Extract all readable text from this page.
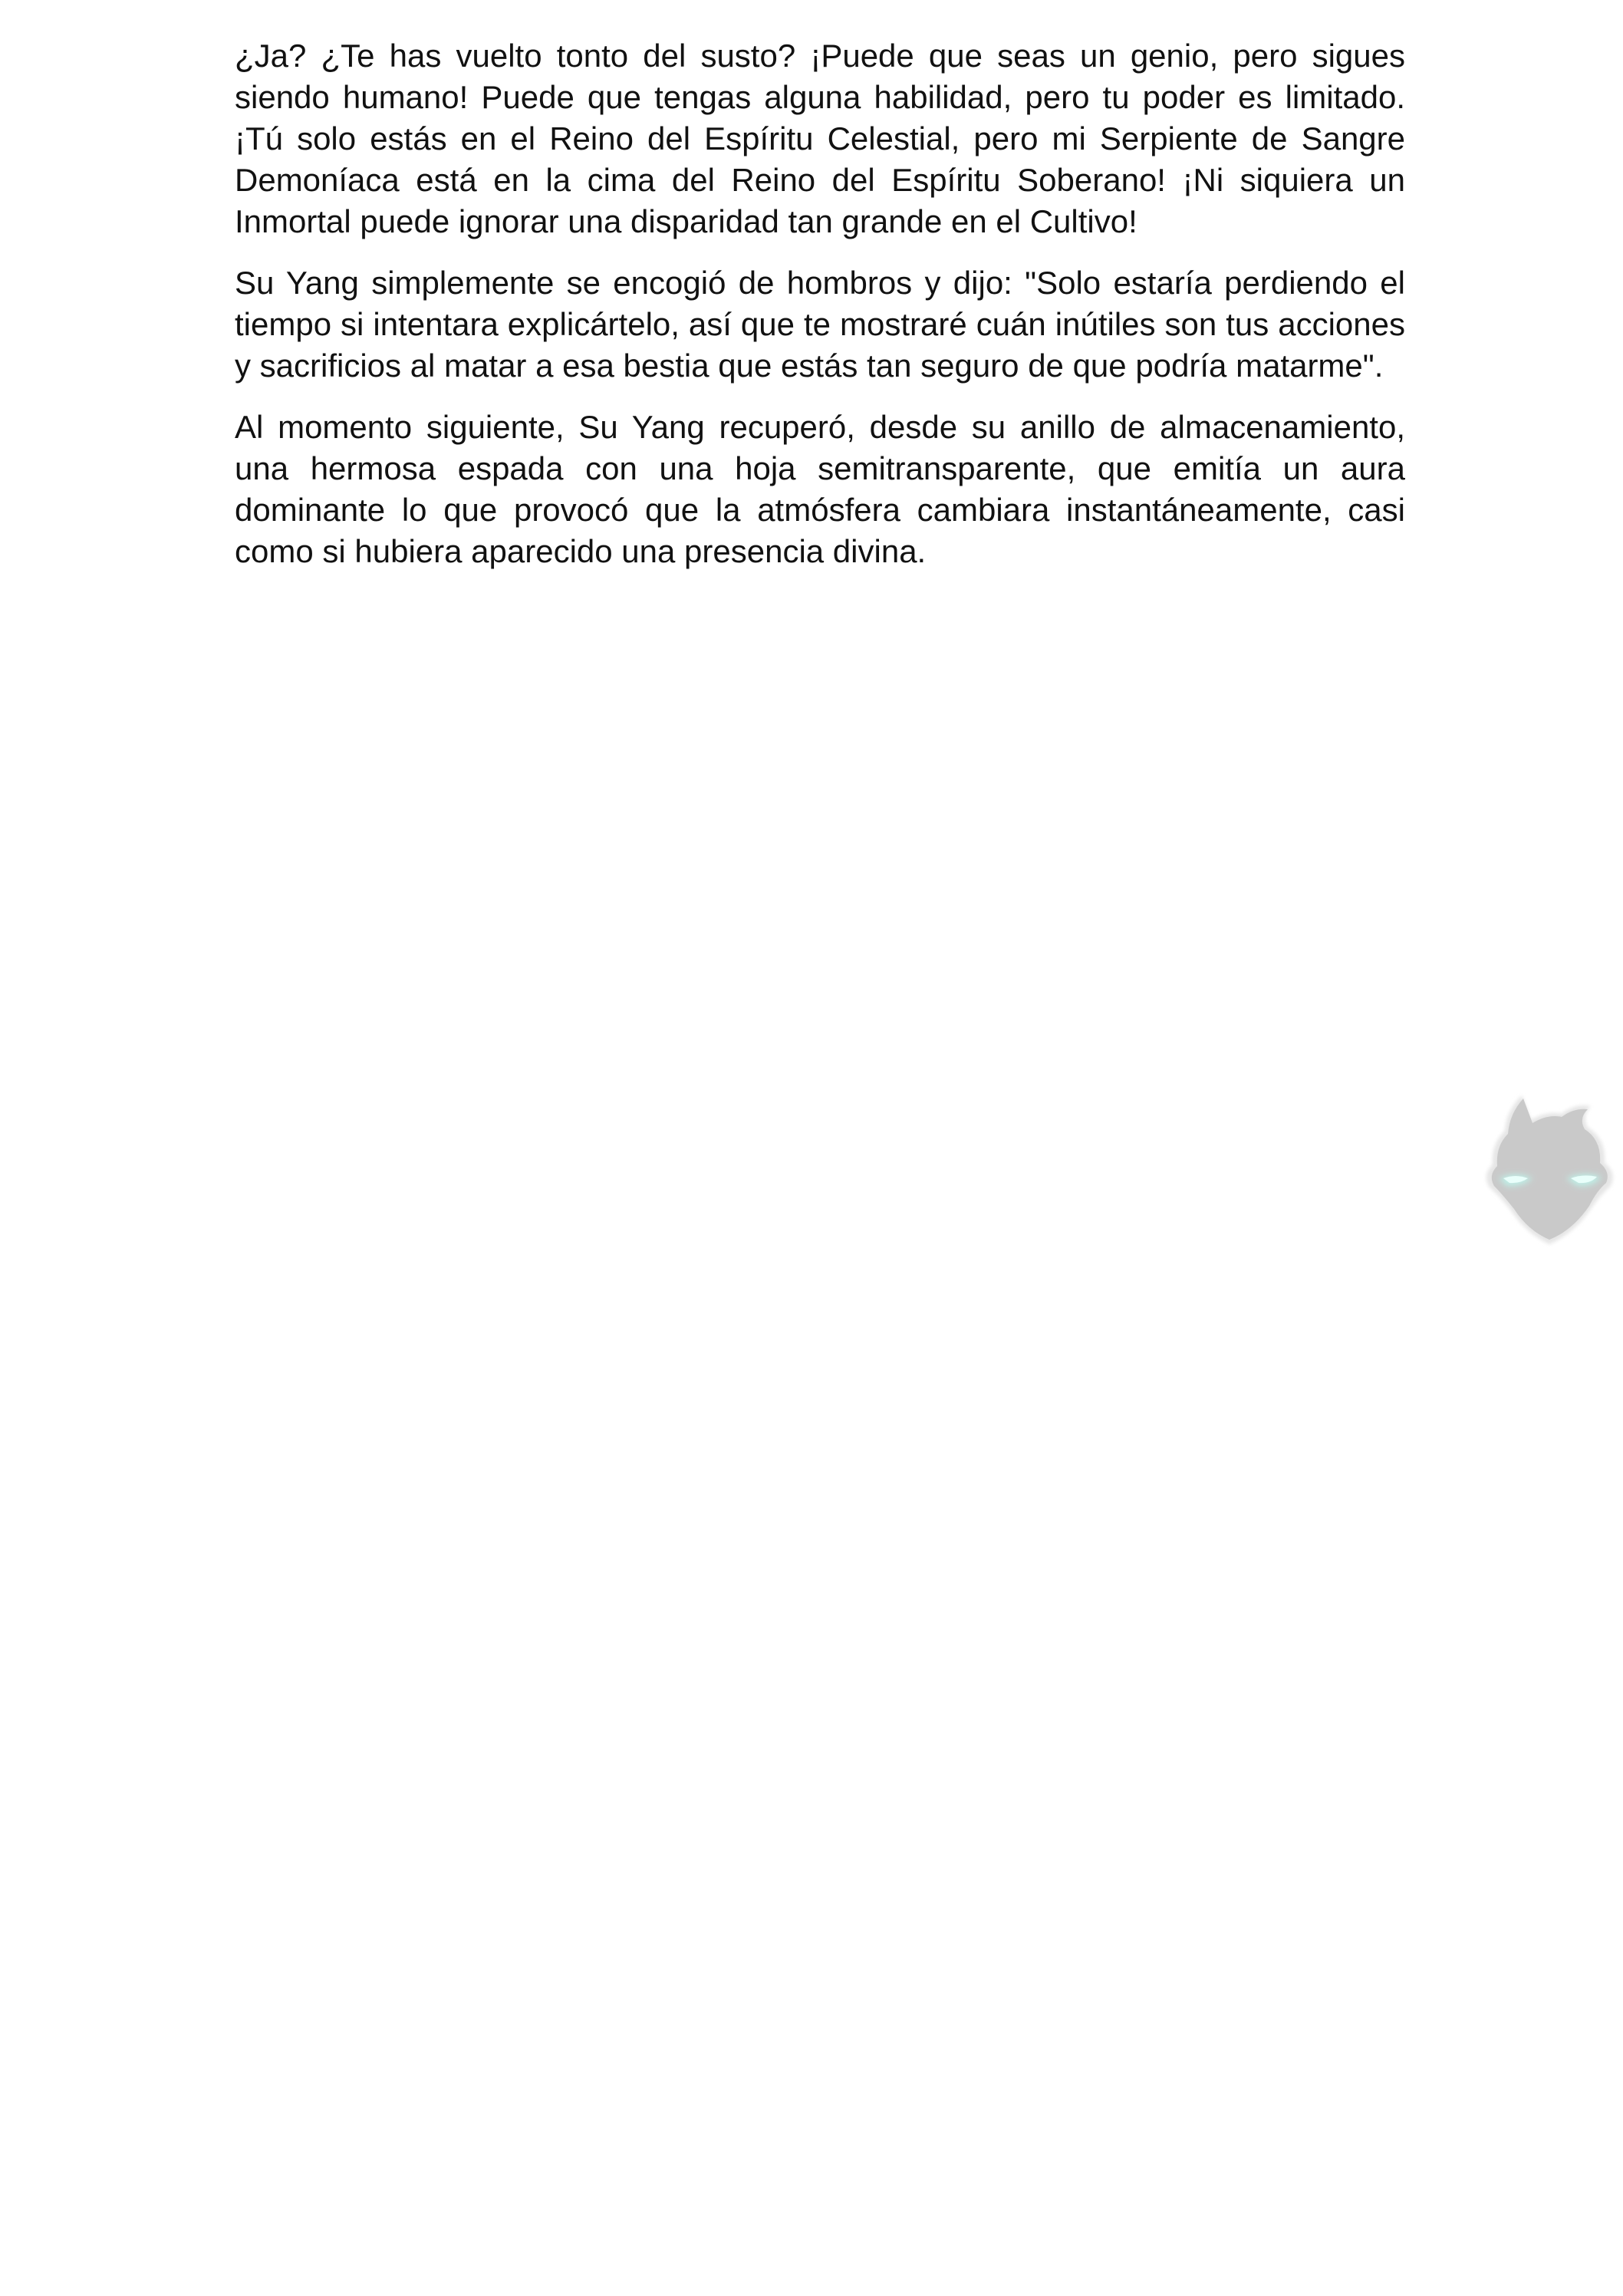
¿Ja? ¿Te has vuelto tonto del susto? ¡Puede que seas un genio, pero sigues siendo humano! Puede que tengas alguna habilidad, pero tu poder es limitado. ¡Tú solo estás en el Reino del Espíritu Celestial, pero mi Serpiente de Sangre Demoníaca está en la cima del Reino del Espíritu Soberano! ¡Ni siquiera un Inmortal puede ignorar una disparidad tan grande en el Cultivo!

Su Yang simplemente se encogió de hombros y dijo: "Solo estaría perdiendo el tiempo si intentara explicártelo, así que te mostraré cuán inútiles son tus acciones y sacrificios al matar a esa bestia que estás tan seguro de que podría matarme".

Al momento siguiente, Su Yang recuperó, desde su anillo de almacenamiento, una hermosa espada con una hoja semitransparente, que emitía un aura dominante lo que provocó que la atmósfera cambiara instantáneamente, casi como si hubiera aparecido una presencia divina.
